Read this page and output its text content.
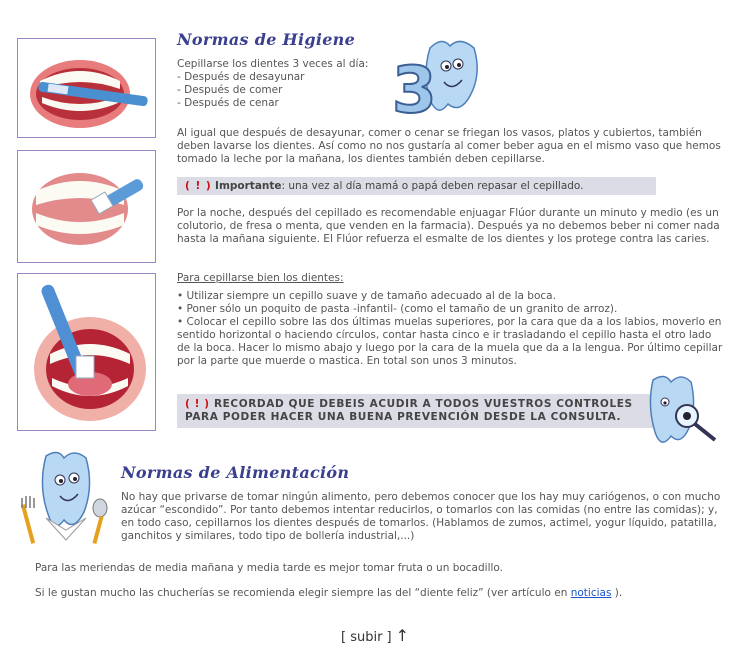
Normas de Higiene

Cepillarse los dientes 3 veces al día:

- Después de desayunar
- Después de comer
- Después de cenar	3
Al igual que después de desayunar, comer o cenar se friegan los vasos, platos y cubiertos, también deben lavarse los dientes. Así como no nos gustaría al comer beber agua en el mismo vaso que hemos tomado la leche por la mañana, los dientes también deben cepillarse.
( ! ) Importante: una vez al día mamá o papá deben repasar el cepillado.
Por la noche, después del cepillado es recomendable enjuagar Flúor durante un minuto y medio (es un colutorio, de fresa o menta, que venden en la farmacia). Después ya no debemos beber ni comer nada hasta la mañana siguiente. El Flúor refuerza el esmalte de los dientes y los protege contra las caries.
Para cepillarse bien los dientes:

• Utilizar siempre un cepillo suave y de tamaño adecuado al de la boca.

• Poner sólo un poquito de pasta -infantil- (como el tamaño de un granito de arroz).

• Colocar el cepillo sobre las dos últimas muelas superiores, por la cara que da a los labios, moverlo en sentido horizontal o haciendo círculos, contar hasta cinco e ir trasladando el cepillo hasta el otro lado de la boca. Hacer lo mismo abajo y luego por la cara de la muela que da a la lengua. Por último cepillar por la parte que muerde o mastica. En total son unos 3 minutos.

( ! ) RECORDAD QUE DEBEIS ACUDIR A TODOS VUESTROS CONTROLES
PARA PODER HACER UNA BUENA PREVENCIÓN DESDE LA CONSULTA.
Normas de Alimentación
No hay que privarse de tomar ningún alimento, pero debemos conocer que los hay muy cariógenos, o con mucho azúcar “escondido”. Por tanto debemos intentar reducirlos, o tomarlos con las comidas (no entre las comidas); y, en todo caso, cepillarnos los dientes después de tomarlos. (Hablamos de zumos, actimel, yogur líquido, patatilla, ganchitos y similares, todo tipo de bollería industrial,...)
Para las meriendas de media mañana y media tarde es mejor tomar fruta o un bocadillo.
Si le gustan mucho las chucherías se recomienda elegir siempre las del “diente feliz” (ver artículo en noticias ).
[ subir ] ↑
